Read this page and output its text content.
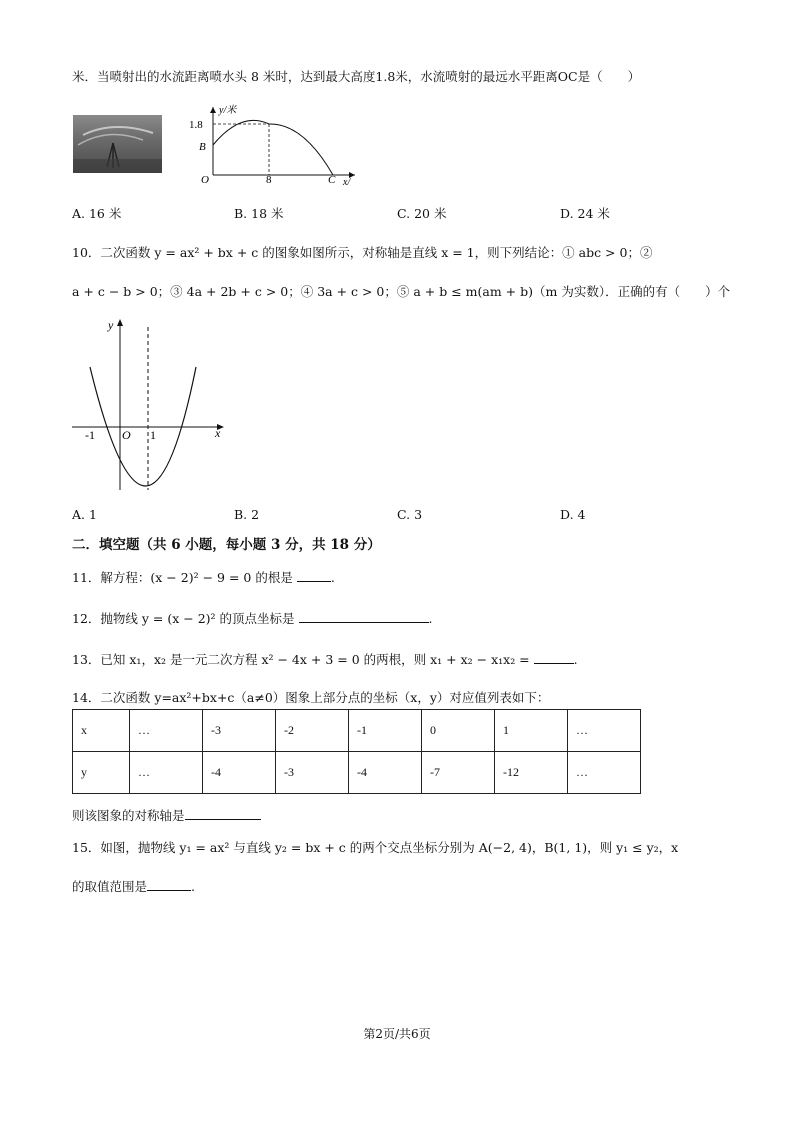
米．当喷射出的水流距离喷水头 8 米时，达到最大高度1.8米，水流喷射的最远水平距离OC是（　　）
y/米
1.8
B
O	8	C x/
A. 16 米	B. 18 米	C. 20 米	D. 24 米
10．二次函数 y = ax² + bx + c 的图象如图所示，对称轴是直线 x = 1，则下列结论：① abc > 0；②
a + c − b > 0；③ 4a + 2b + c > 0；④ 3a + c > 0；⑤ a + b ≤ m(am + b)（m 为实数）．正确的有（　　）个
y
x
O
-1	1
A. 1	B. 2	C. 3	D. 4
二．填空题（共 6 小题，每小题 3 分，共 18 分）
11．解方程：(x − 2)² − 9 = 0 的根是	.
12．抛物线 y = (x − 2)² 的顶点坐标是	.
13．已知 x₁，x₂ 是一元二次方程 x² − 4x + 3 = 0 的两根，则 x₁ + x₂ − x₁x₂ =	.
14．二次函数 y=ax²+bx+c（a≠0）图象上部分点的坐标（x，y）对应值列表如下：
x	…	-3	-2	-1	0	1	…
y	…	-4	-3	-4	-7	-12	…
则该图象的对称轴是
15．如图，抛物线 y₁ = ax² 与直线 y₂ = bx + c 的两个交点坐标分别为 A(−2, 4)，B(1, 1)，则 y₁ ≤ y₂，x
的取值范围是	.
第2页/共6页
